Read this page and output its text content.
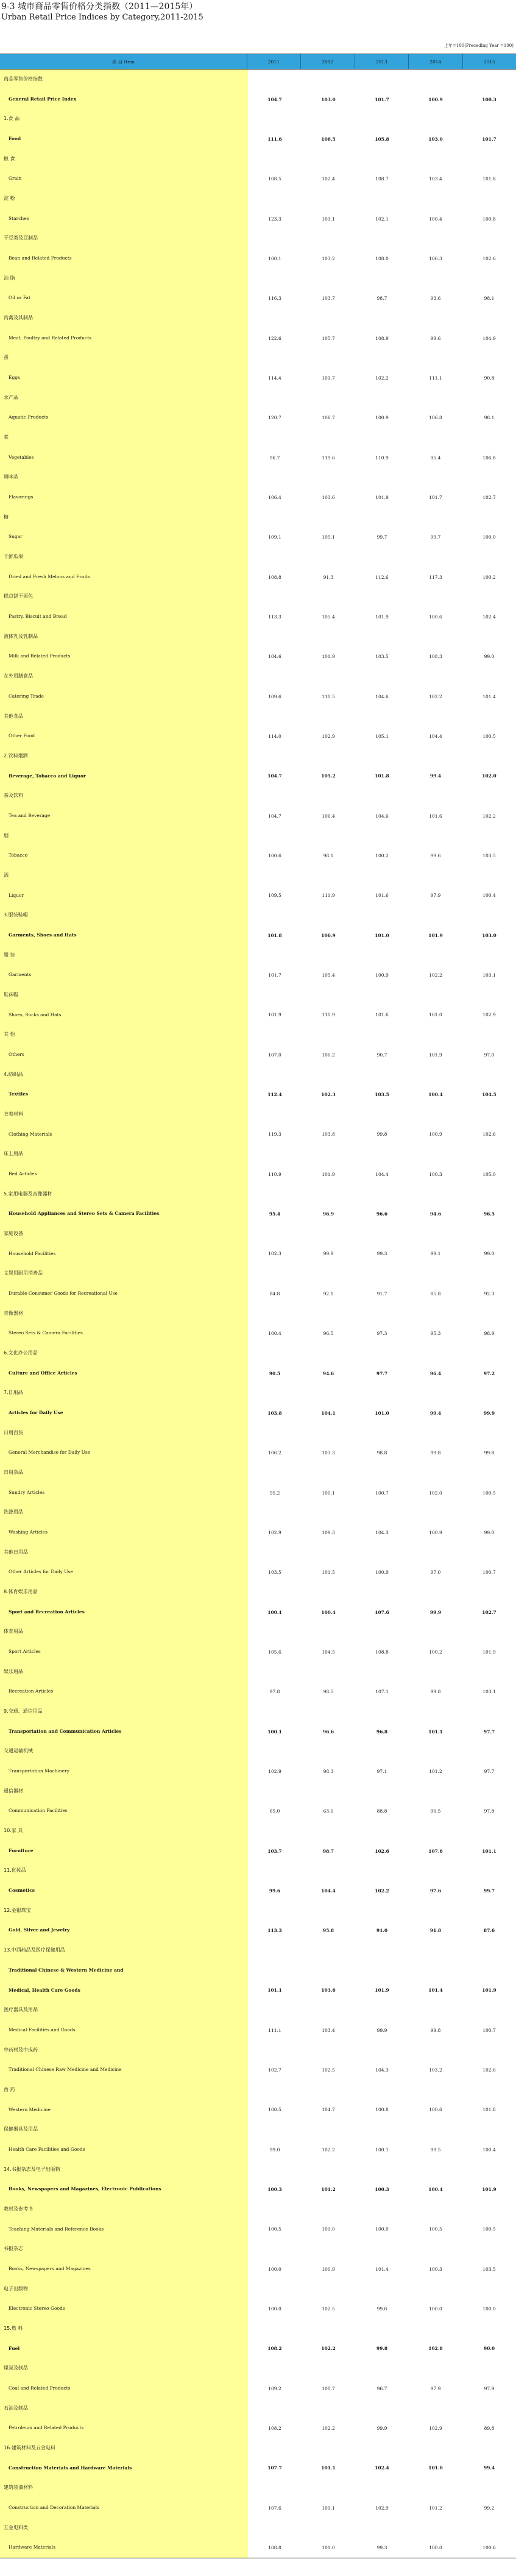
9-3 城市商品零售价格分类指数（2011—2015年）
Urban Retail Price Indices by Category,2011-2015
上年=100(Preceding Year =100)
项 目 Item	2011	2012	2013	2014	2015
商品零售价格指数
General Retail Price Index	104.7	103.0	101.7	100.9	100.3
1.食 品
Food	111.6	106.5	105.8	103.0	101.7
粮 食
Grain	108.5	102.4	108.7	103.4	101.8
淀 粉
Starches	123.3	103.1	102.1	100.4	100.8
干豆类及豆制品
Bean and Related Products	100.1	103.2	108.0	106.3	102.6
油 脂
Oil or Fat	116.3	103.7	98.7	93.6	98.1
肉禽及其制品
Meat, Poultry and Related Products	122.6	105.7	108.9	99.6	104.9
蛋
Eggs	114.4	101.7	102.2	111.1	90.8
水产品
Aquatic Products	120.7	106.7	100.9	106.8	98.1
菜
Vegetables	96.7	119.6	110.9	95.4	106.8
调味品
Flavorings	106.4	103.6	101.9	101.7	102.7
糖
Sugar	109.1	105.1	99.7	99.7	100.0
干鲜瓜果
Dried and Fresh Melons and Fruits	108.8	91.3	112.6	117.3	100.2
糕点饼干面包
Pastry, Biscuit and Bread	113.3	105.4	101.9	100.6	102.4
液体乳及乳制品
Milk and Related Products	104.6	101.9	103.5	108.3	99.0
在外用膳食品
Catering Trade	109.6	110.5	104.6	102.2	101.4
其他食品
Other Food	114.0	102.9	105.1	104.4	100.5
2.饮料烟酒
Beverage, Tobacco and Liquor	104.7	105.2	101.8	99.4	102.0
茶及饮料
Tea and Beverage	104.7	106.4	104.6	101.6	102.2
烟
Tobacco	100.6	98.1	100.2	99.6	103.5
酒
Liquor	109.5	111.9	101.6	97.9	100.4
3.服装鞋帽
Garments, Shoes and Hats	101.8	106.9	101.0	101.9	103.0
服 装
Garments	101.7	105.4	100.9	102.2	103.1
鞋袜帽
Shoes, Socks and Hats	101.9	110.9	101.6	101.0	102.9
其 他
Others	107.0	106.2	90.7	101.9	97.0
4.纺织品
Textiles	112.4	102.3	103.5	100.4	104.5
衣着材料
Clothing Materials	119.3	103.8	99.8	100.9	102.6
床上用品
Bed Articles	110.9	101.9	104.4	100.3	105.0
5.家用电器及音像器材
Household Appliances and Stereo Sets & Camera Facilities	95.4	96.9	96.6	94.6	96.5
家庭设备
Household Facilities	102.3	99.9	99.3	99.1	99.0
文娱用耐用消费品
Durable Consumer Goods for Recreational Use	84.8	92.1	91.7	85.8	92.3
音像器材
Stereo Sets & Camera Facilities	100.4	96.5	97.3	95.3	98.9
6.文化办公用品
Culture and Office Articles	90.5	94.6	97.7	96.4	97.2
7.日用品
Articles for Daily Use	103.8	104.1	101.0	99.4	99.9
日用百货
General Merchandise for Daily Use	106.2	103.3	98.8	99.8	99.8
日用杂品
Sundry Articles	95.2	100.1	100.7	102.0	100.5
洗涤用品
Washing Articles	102.9	109.3	104.3	100.9	99.0
其他日用品
Other Articles for Daily Use	103.5	101.5	100.9	97.0	100.7
8.体育娱乐用品
Sport and Recreation Articles	100.1	100.4	107.6	99.9	102.7
体育用品
Sport Articles	105.6	104.5	108.8	100.2	101.9
娱乐用品
Recreation Articles	97.8	98.5	107.1	99.8	103.1
9.交通、通信用品
Transportation and Communication Articles	100.1	96.6	96.8	101.1	97.7
交通运输机械
Transportation Machinery	102.9	98.3	97.1	101.2	97.7
通信器材
Communication Facilities	65.0	63.1	88.8	96.5	97.8
10.家 具
Furniture	103.7	98.7	102.6	107.6	101.1
11.化妆品
Cosmetics	99.6	104.4	102.2	97.6	99.7
12.金银珠宝
Gold, Silver and Jewelry	113.3	95.8	91.0	91.8	87.6
13.中西药品及医疗保健用品
Traditional Chinese & Western Medicine and
Medical, Health Care Goods	101.1	103.6	101.9	101.4	101.9
医疗器具及用品
Medical Facilities and Goods	111.1	103.4	99.9	99.8	100.7
中药材及中成药
Traditional Chinese Raw Medicine and Medicine	102.7	102.5	104.3	103.2	102.6
西 药
Western Medicine	100.5	104.7	100.8	100.6	101.8
保健器具及用品
Health Care Facilities and Goods	99.0	102.2	100.1	99.5	100.4
14.书报杂志及电子出版物
Books, Newspapers and Magazines, Electronic Publications	100.3	101.2	100.3	100.4	101.9
教材及参考书
Teaching Materials and Reference Books	100.5	101.0	100.0	100.5	100.5
书报杂志
Books, Newspapers and Magazines	100.0	100.9	101.4	100.3	103.5
电子出版物
Electronic Stereo Goods	100.0	102.5	99.6	100.0	100.0
15.燃 料
Fuel	108.2	102.2	99.8	102.8	90.0
煤炭及制品
Coal and Related Products	109.2	100.7	96.7	97.9	97.9
石油及制品
Petroleum and Related Products	108.2	102.2	99.9	102.9	89.8
16.建筑材料及五金电料
Construction Materials and Hardware Materials	107.7	101.1	102.4	101.0	99.4
建筑装潢材料
Construction and Decoration Materials	107.6	101.1	102.9	101.2	99.2
五金电料类
Hardware Materials	108.8	101.0	99.3	100.0	100.6
